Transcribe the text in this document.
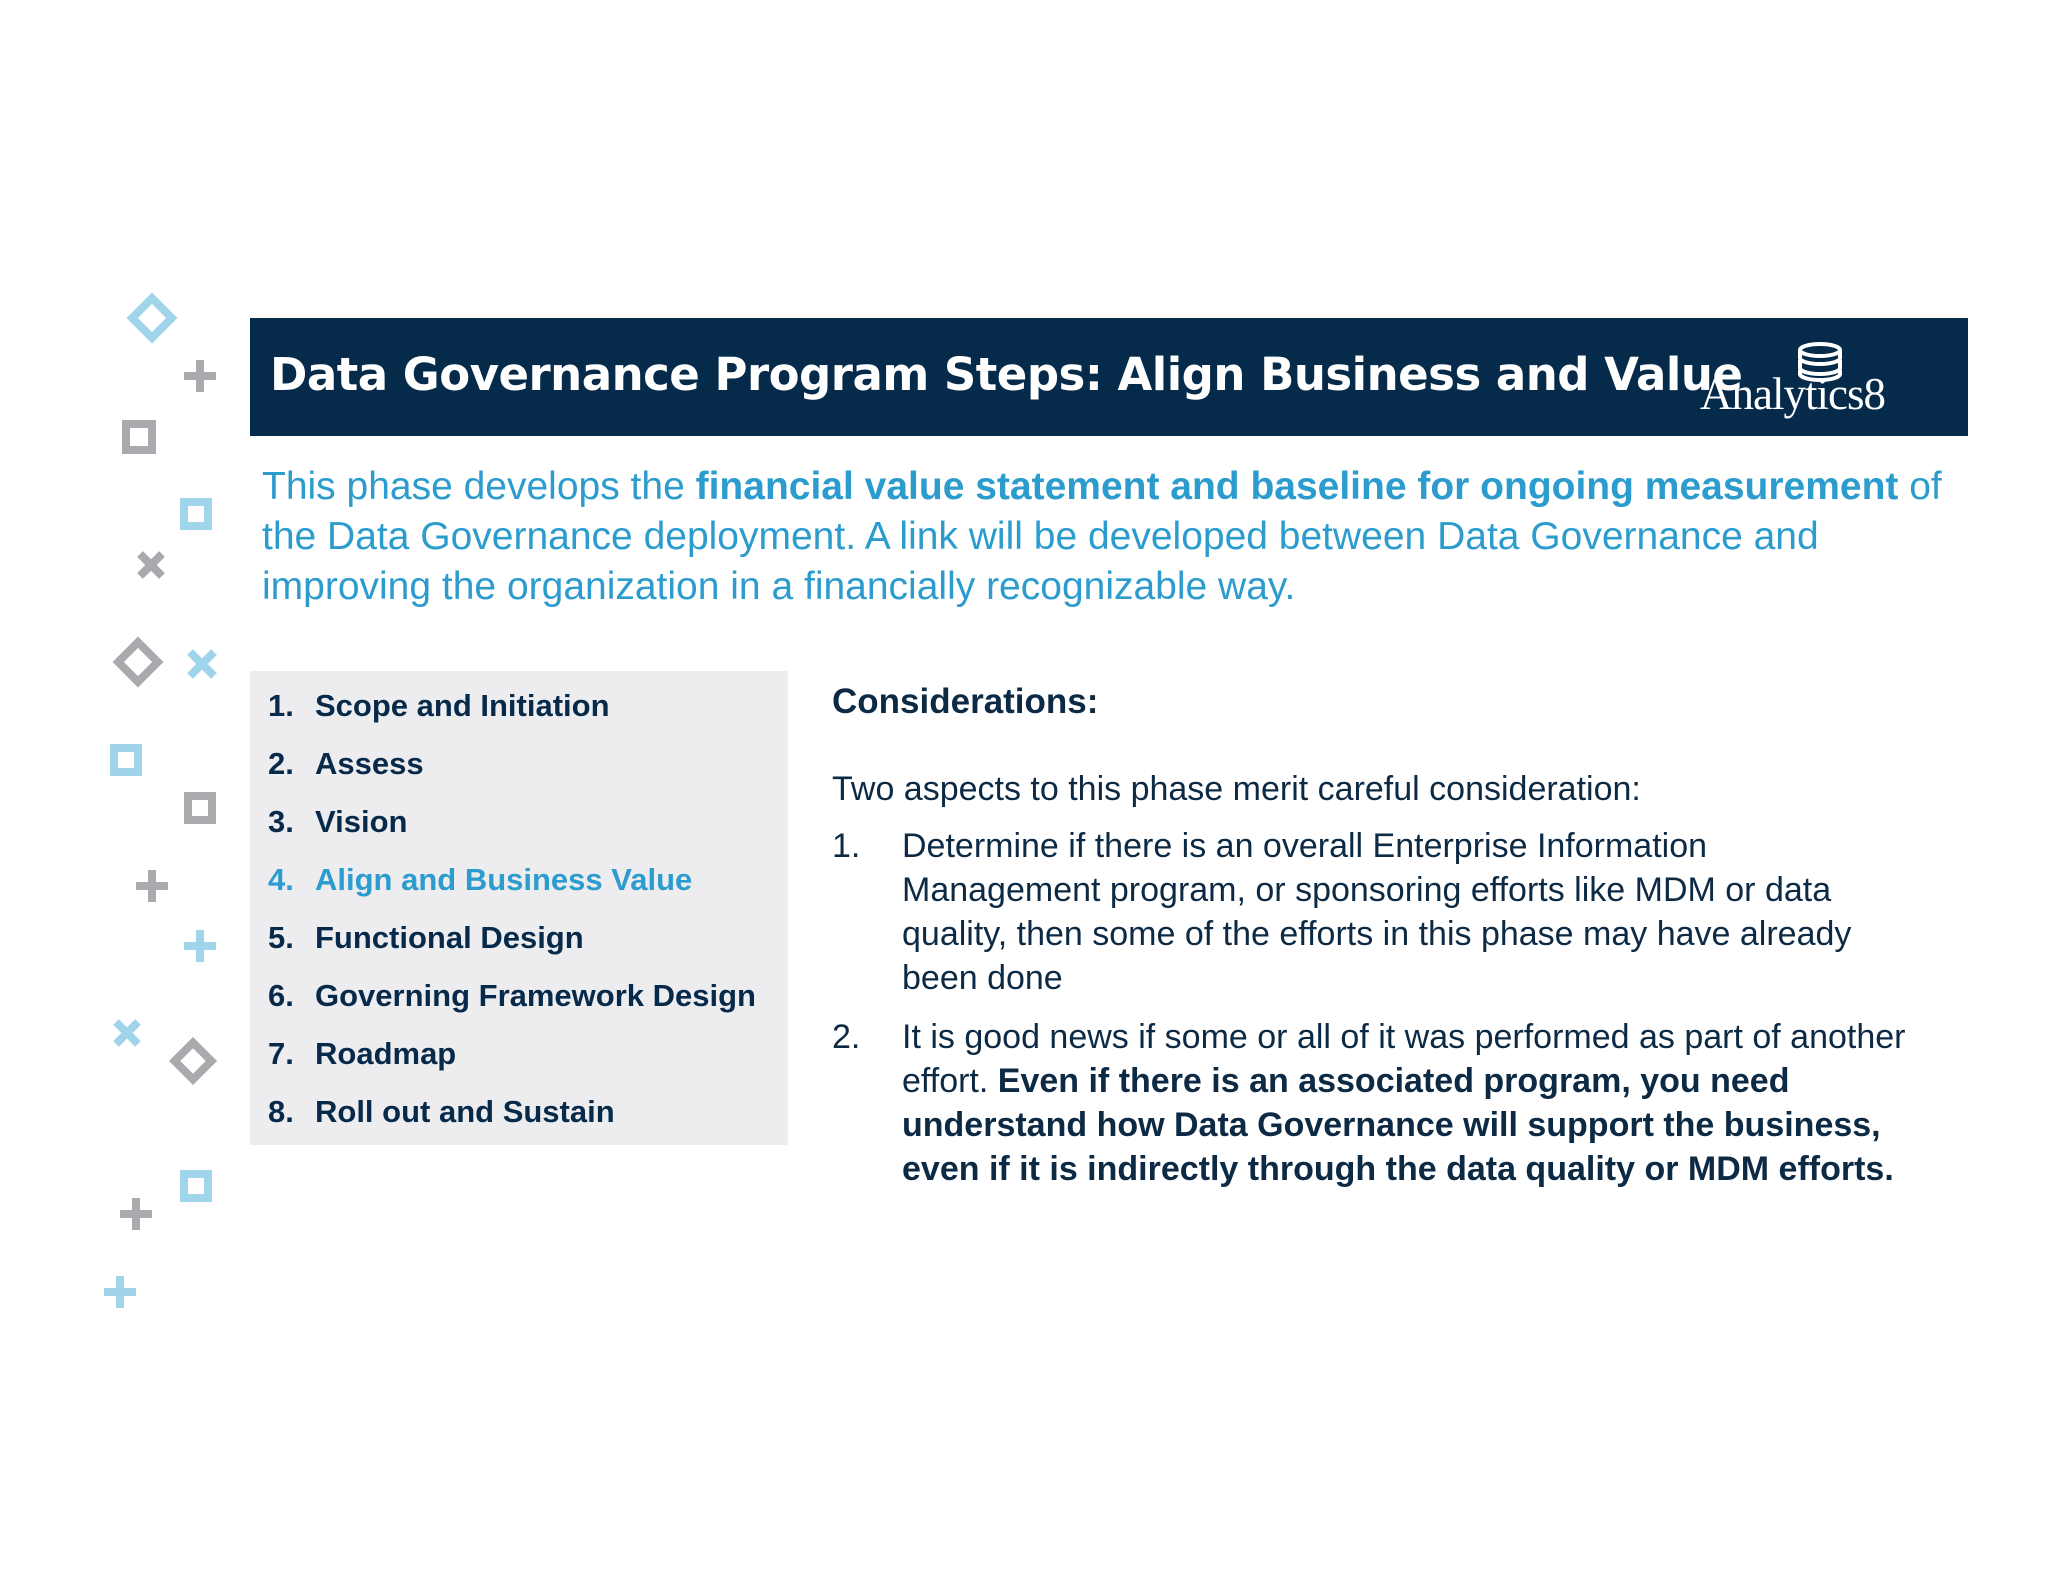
Data Governance Program Steps: Align Business and Value
Analytics8

This phase develops the financial value statement and baseline for ongoing measurement of the Data Governance deployment. A link will be developed between Data Governance and improving the organization in a financially recognizable way.

1. Scope and Initiation
2. Assess
3. Vision
4. Align and Business Value
5. Functional Design
6. Governing Framework Design
7. Roadmap
8. Roll out and Sustain
Considerations:
Two aspects to this phase merit careful consideration:
1. Determine if there is an overall Enterprise Information Management program, or sponsoring efforts like MDM or data quality, then some of the efforts in this phase may have already been done
2. It is good news if some or all of it was performed as part of another effort. Even if there is an associated program, you need understand how Data Governance will support the business, even if it is indirectly through the data quality or MDM efforts.
